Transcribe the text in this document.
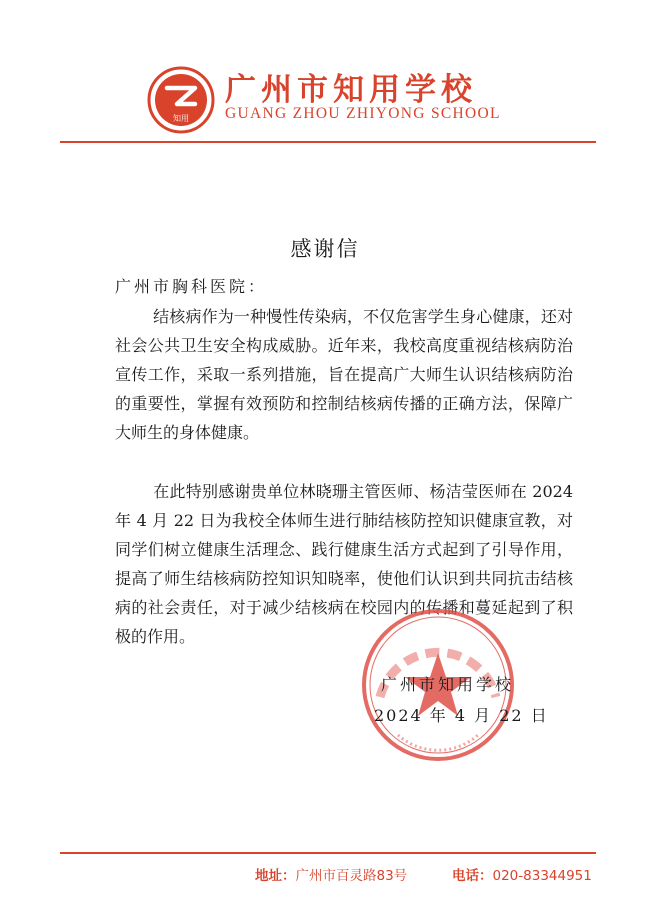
知用
广州市知用学校
GUANG ZHOU ZHIYONG SCHOOL
感谢信
广州市胸科医院：

结核病作为一种慢性传染病，不仅危害学生身心健康，还对社会公共卫生安全构成威胁。近年来，我校高度重视结核病防治宣传工作，采取一系列措施，旨在提高广大师生认识结核病防治的重要性，掌握有效预防和控制结核病传播的正确方法，保障广大师生的身体健康。

在此特别感谢贵单位林晓珊主管医师、杨洁莹医师在 2024 年 4 月 22 日为我校全体师生进行肺结核防控知识健康宣教，对同学们树立健康生活理念、践行健康生活方式起到了引导作用，提高了师生结核病防控知识知晓率，使他们认识到共同抗击结核病的社会责任，对于减少结核病在校园内的传播和蔓延起到了积极的作用。

广州市知用学校
2024 年 4 月 22 日
地址：广州市百灵路83号	电话：020-83344951
